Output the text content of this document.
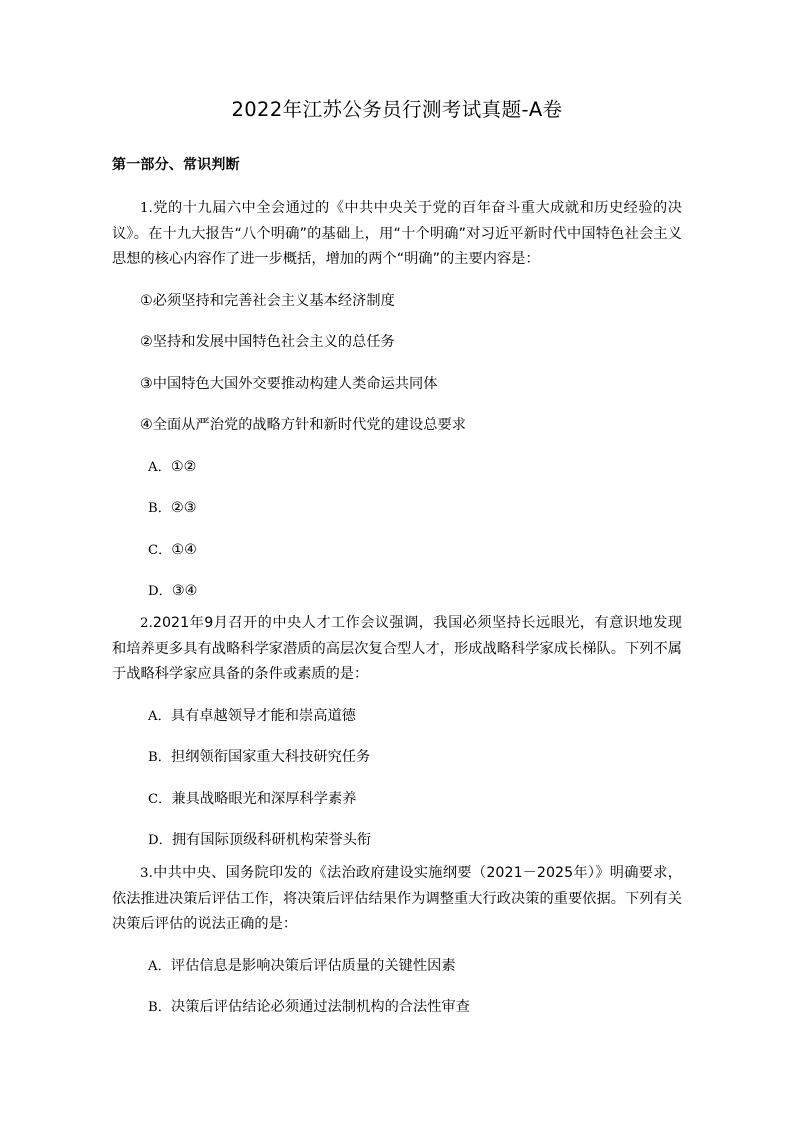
2022年江苏公务员行测考试真题-A卷
第一部分、常识判断

1.党的十九届六中全会通过的《中共中央关于党的百年奋斗重大成就和历史经验的决议》。在十九大报告“八个明确”的基础上，用“十个明确”对习近平新时代中国特色社会主义思想的核心内容作了进一步概括，增加的两个“明确”的主要内容是：

①必须坚持和完善社会主义基本经济制度

②坚持和发展中国特色社会主义的总任务

③中国特色大国外交要推动构建人类命运共同体

④全面从严治党的战略方针和新时代党的建设总要求

A．①②

B．②③

C．①④

D．③④

2.2021年9月召开的中央人才工作会议强调，我国必须坚持长远眼光，有意识地发现和培养更多具有战略科学家潜质的高层次复合型人才，形成战略科学家成长梯队。下列不属于战略科学家应具备的条件或素质的是：

A．具有卓越领导才能和崇高道德

B．担纲领衔国家重大科技研究任务

C．兼具战略眼光和深厚科学素养

D．拥有国际顶级科研机构荣誉头衔

3.中共中央、国务院印发的《法治政府建设实施纲要（2021－2025年）》明确要求，依法推进决策后评估工作，将决策后评估结果作为调整重大行政决策的重要依据。下列有关决策后评估的说法正确的是：

A．评估信息是影响决策后评估质量的关键性因素

B．决策后评估结论必须通过法制机构的合法性审查
